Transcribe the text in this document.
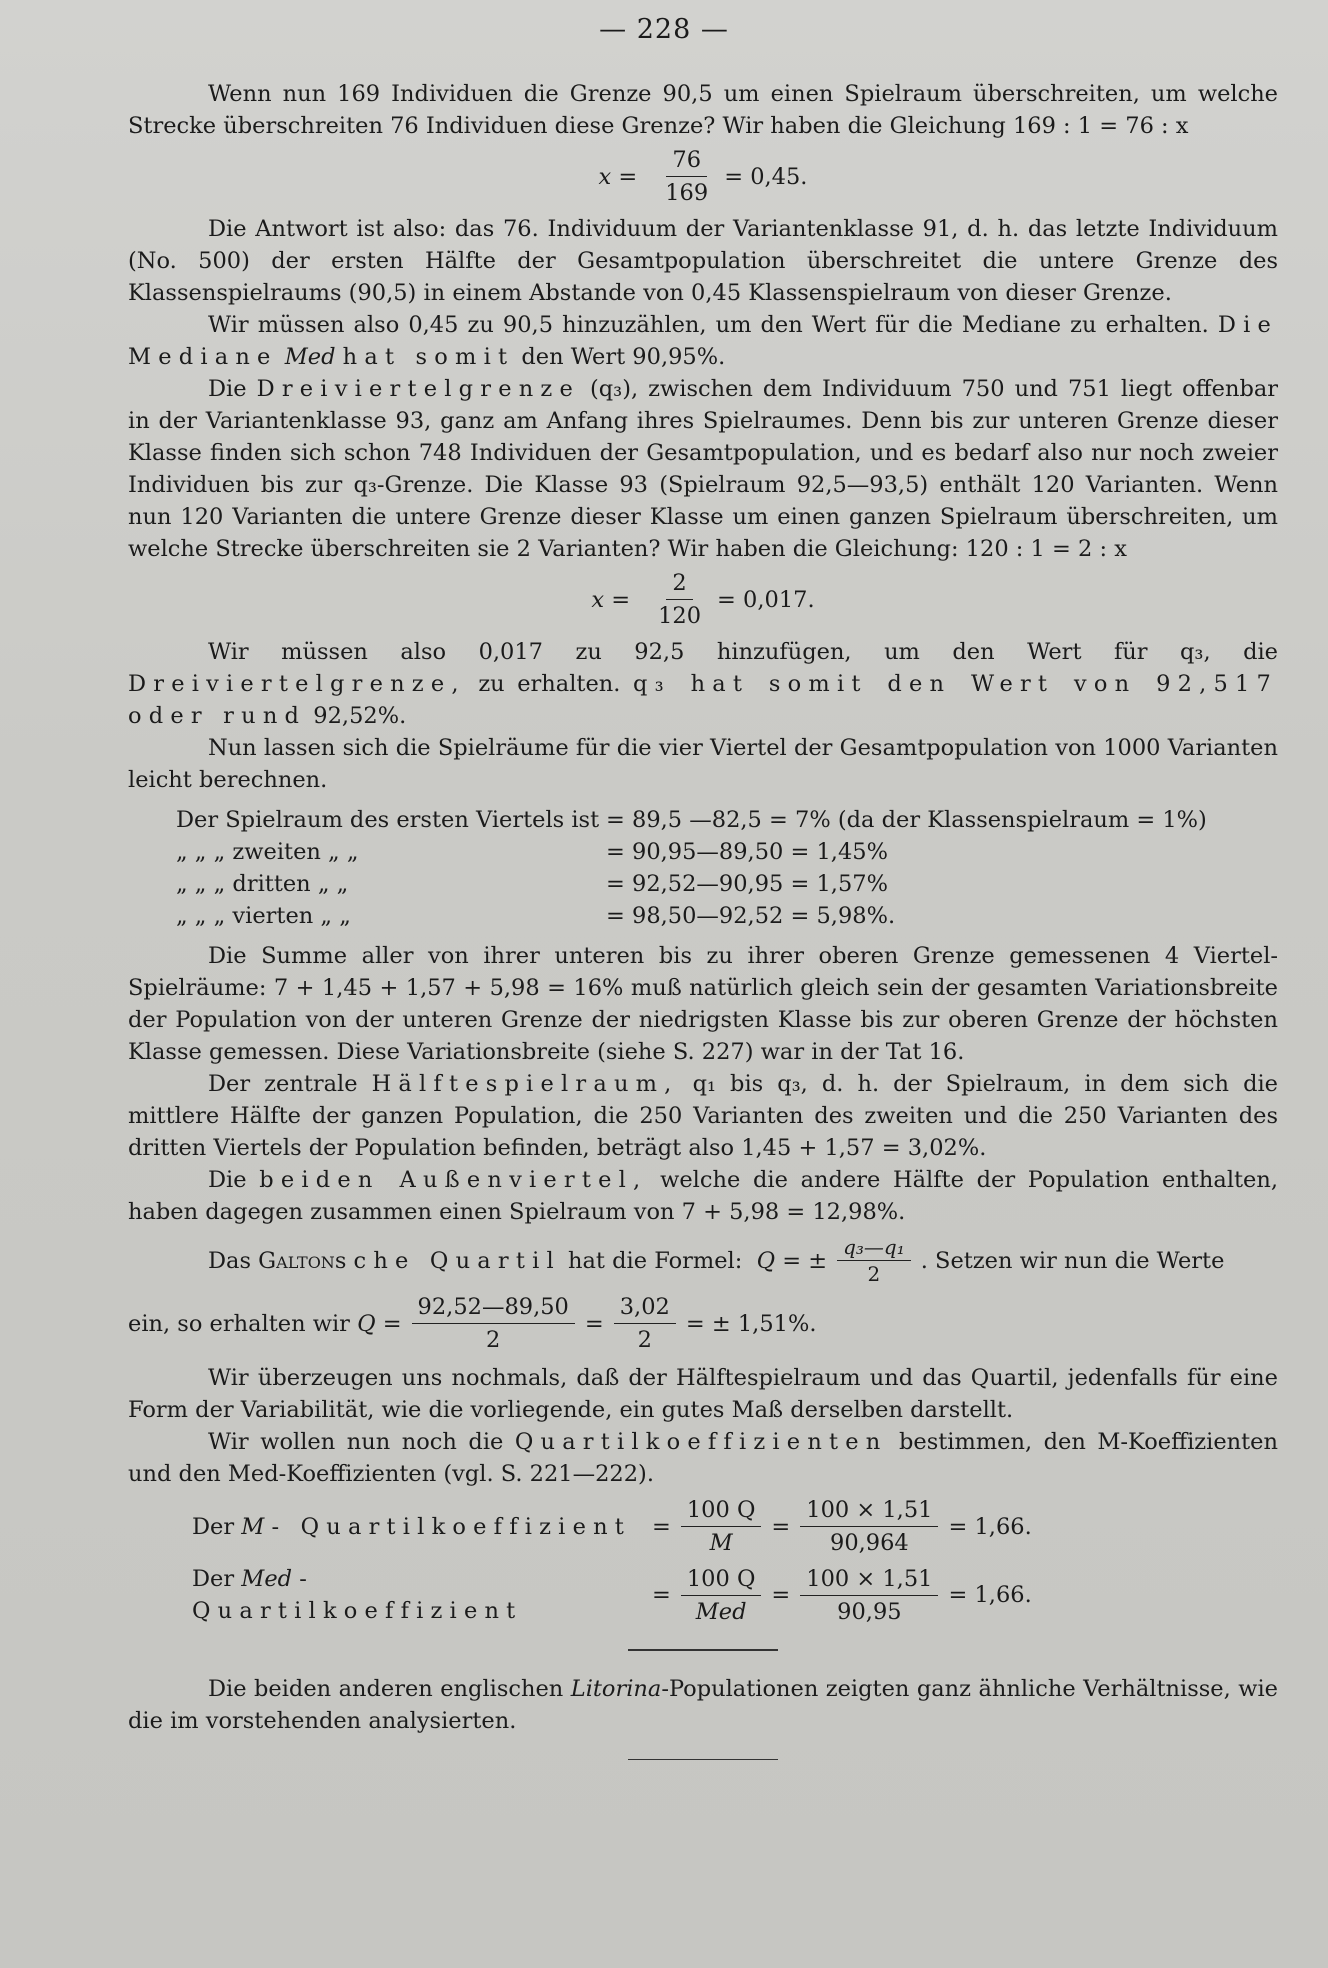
— 228 —

Wenn nun 169 Individuen die Grenze 90,5 um einen Spielraum überschreiten, um welche Strecke überschreiten 76 Individuen diese Grenze? Wir haben die Gleichung 169 : 1 = 76 : x

$x = \frac{76}{169} = 0,45$.

Die Antwort ist also: das 76. Individuum der Variantenklasse 91, d. h. das letzte Individuum (No. 500) der ersten Hälfte der Gesamtpopulation überschreitet die untere Grenze des Klassenspielraums (90,5) in einem Abstande von 0,45 Klassenspielraum von dieser Grenze.

Wir müssen also 0,45 zu 90,5 hinzuzählen, um den Wert für die Mediane zu erhalten. Die Mediane Med hat somit den Wert 90,95%.

Die Dreiviertelgrenze (q₃), zwischen dem Individuum 750 und 751 liegt offenbar in der Variantenklasse 93, ganz am Anfang ihres Spielraumes. Denn bis zur unteren Grenze dieser Klasse finden sich schon 748 Individuen der Gesamtpopulation, und es bedarf also nur noch zweier Individuen bis zur q₃-Grenze. Die Klasse 93 (Spielraum 92,5—93,5) enthält 120 Varianten. Wenn nun 120 Varianten die untere Grenze dieser Klasse um einen ganzen Spielraum überschreiten, um welche Strecke überschreiten sie 2 Varianten? Wir haben die Gleichung: 120 : 1 = 2 : x

$x = \frac{2}{120} = 0,017$.

Wir müssen also 0,017 zu 92,5 hinzufügen, um den Wert für q₃, die Dreiviertelgrenze, zu erhalten. q₃ hat somit den Wert von 92,517 oder rund 92,52%.

Nun lassen sich die Spielräume für die vier Viertel der Gesamtpopulation von 1000 Varianten leicht berechnen.

Der Spielraum des ersten Viertels ist = 89,5 —82,5 = 7% (da der Klassenspielraum = 1%)
„ „ „ zweiten „ „	= 90,95—89,50 = 1,45%
„ „ „ dritten „ „	= 92,52—90,95 = 1,57%
„ „ „ vierten „ „	= 98,50—92,52 = 5,98%.

Die Summe aller von ihrer unteren bis zu ihrer oberen Grenze gemessenen 4 Viertel-Spielräume: 7 + 1,45 + 1,57 + 5,98 = 16% muß natürlich gleich sein der gesamten Variationsbreite der Population von der unteren Grenze der niedrigsten Klasse bis zur oberen Grenze der höchsten Klasse gemessen. Diese Variationsbreite (siehe S. 227) war in der Tat 16.

Der zentrale Hälftespielraum, q₁ bis q₃, d. h. der Spielraum, in dem sich die mittlere Hälfte der ganzen Population, die 250 Varianten des zweiten und die 250 Varianten des dritten Viertels der Population befinden, beträgt also 1,45 + 1,57 = 3,02%.

Die beiden Außenviertel, welche die andere Hälfte der Population enthalten, haben dagegen zusammen einen Spielraum von 7 + 5,98 = 12,98%.

Das
Galton sche Quartil
hat die Formel:
Q = ± $\frac{\text{q₃—q₁}}{2}$ . Setzen wir nun die Werte
ein, so erhalten wir
$Q = \frac{92,52—89,50}{2} = \frac{3,02}{2}$ = ± 1,51%.

Wir überzeugen uns nochmals, daß der Hälftespielraum und das Quartil, jedenfalls für eine Form der Variabilität, wie die vorliegende, ein gutes Maß derselben darstellt.

Wir wollen nun noch die Quartilkoeffizienten bestimmen, den M-Koeffizienten und den Med-Koeffizienten (vgl. S. 221—222).

Der M - Quartilkoeffizient = $\frac{100 Q}{M} = \frac{100 \times 1,51}{90,964} = 1,66$.
Der Med - Quartilkoeffizient
= $\frac{100 Q}{\text{Med}} = \frac{100 \times 1,51}{90,95} = 1,66$.

Die beiden anderen englischen Litorina-Populationen zeigten ganz ähnliche Verhältnisse, wie die im vorstehenden analysierten.
